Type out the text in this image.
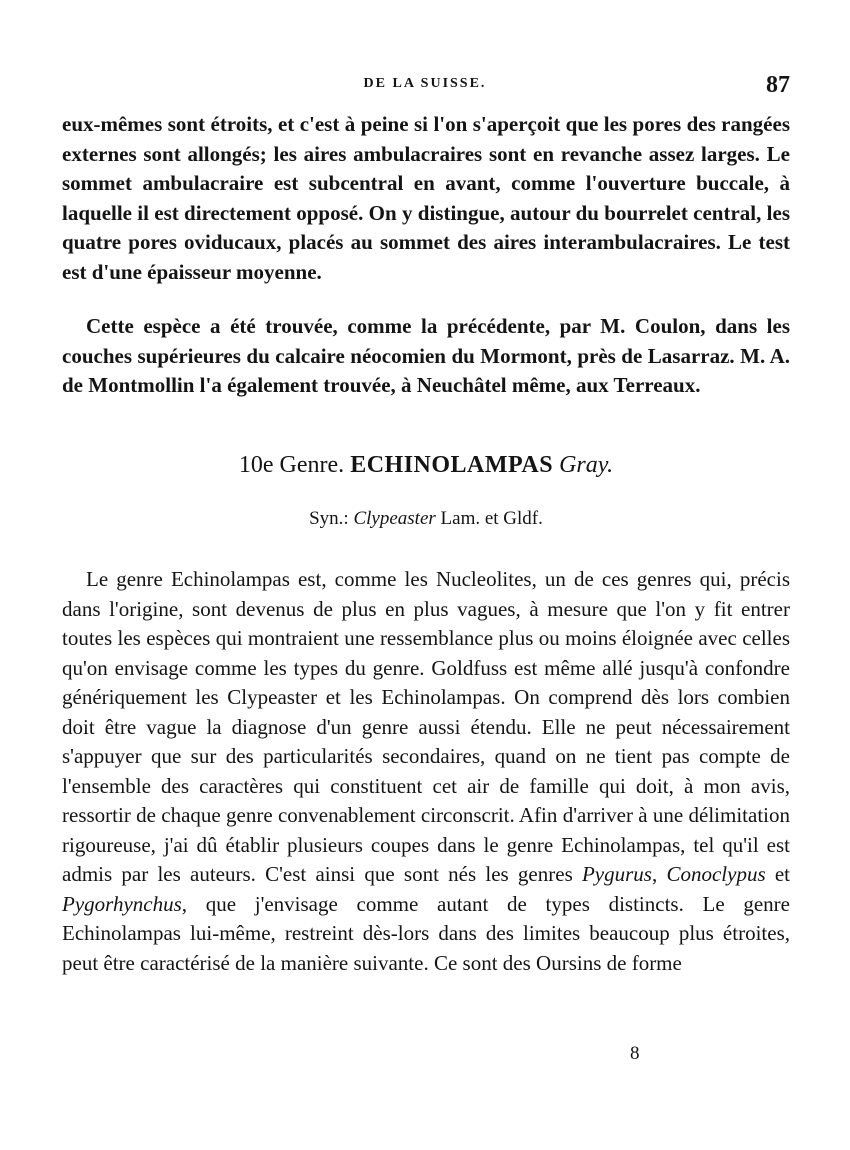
DE LA SUISSE.	87

eux-mêmes sont étroits, et c'est à peine si l'on s'aperçoit que les pores des rangées externes sont allongés; les aires ambulacraires sont en revanche assez larges. Le sommet ambulacraire est subcentral en avant, comme l'ouverture buccale, à laquelle il est directement opposé. On y distingue, autour du bourrelet central, les quatre pores oviducaux, placés au sommet des aires interambulacraires. Le test est d'une épaisseur moyenne.

Cette espèce a été trouvée, comme la précédente, par M. Coulon, dans les couches supérieures du calcaire néocomien du Mormont, près de Lasarraz. M. A. de Montmollin l'a également trouvée, à Neuchâtel même, aux Terreaux.

10e Genre. ECHINOLAMPAS Gray.
Syn.: Clypeaster Lam. et Gldf.

Le genre Echinolampas est, comme les Nucleolites, un de ces genres qui, précis dans l'origine, sont devenus de plus en plus vagues, à mesure que l'on y fit entrer toutes les espèces qui montraient une ressemblance plus ou moins éloignée avec celles qu'on envisage comme les types du genre. Goldfuss est même allé jusqu'à confondre génériquement les Clypeaster et les Echinolampas. On comprend dès lors combien doit être vague la diagnose d'un genre aussi étendu. Elle ne peut nécessairement s'appuyer que sur des particularités secondaires, quand on ne tient pas compte de l'ensemble des caractères qui constituent cet air de famille qui doit, à mon avis, ressortir de chaque genre convenablement circonscrit. Afin d'arriver à une délimitation rigoureuse, j'ai dû établir plusieurs coupes dans le genre Echinolampas, tel qu'il est admis par les auteurs. C'est ainsi que sont nés les genres Pygurus, Conoclypus et Pygorhynchus, que j'envisage comme autant de types distincts. Le genre Echinolampas lui-même, restreint dès-lors dans des limites beaucoup plus étroites, peut être caractérisé de la manière suivante. Ce sont des Oursins de forme

8
